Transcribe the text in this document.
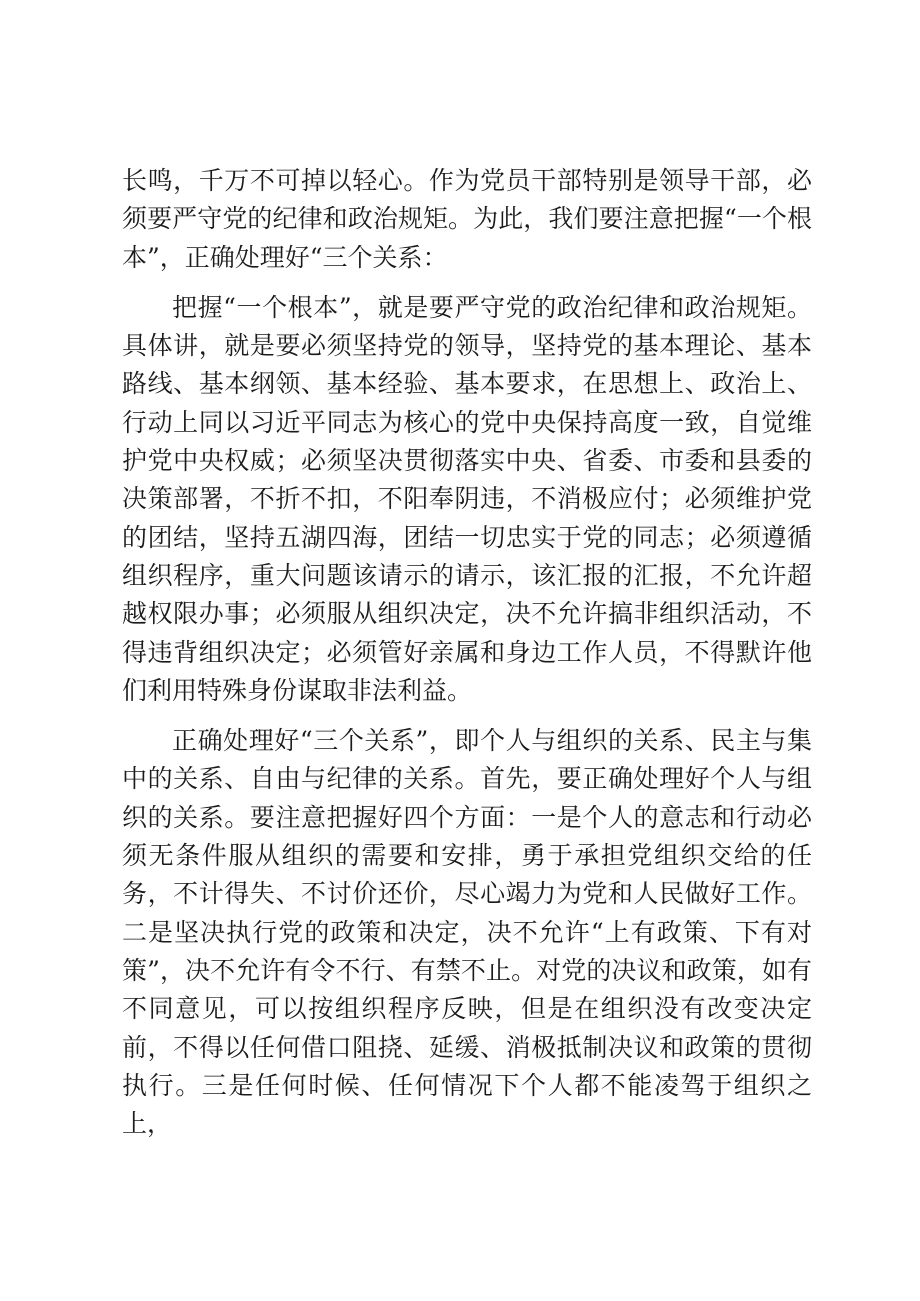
长鸣，千万不可掉以轻心。作为党员干部特别是领导干部，必须要严守党的纪律和政治规矩。为此，我们要注意把握“一个根本”，正确处理好“三个关系：

把握“一个根本”，就是要严守党的政治纪律和政治规矩。具体讲，就是要必须坚持党的领导，坚持党的基本理论、基本路线、基本纲领、基本经验、基本要求，在思想上、政治上、行动上同以习近平同志为核心的党中央保持高度一致，自觉维护党中央权威；必须坚决贯彻落实中央、省委、市委和县委的决策部署，不折不扣，不阳奉阴违，不消极应付；必须维护党的团结，坚持五湖四海，团结一切忠实于党的同志；必须遵循组织程序，重大问题该请示的请示，该汇报的汇报，不允许超越权限办事；必须服从组织决定，决不允许搞非组织活动，不得违背组织决定；必须管好亲属和身边工作人员，不得默许他们利用特殊身份谋取非法利益。

正确处理好“三个关系”，即个人与组织的关系、民主与集中的关系、自由与纪律的关系。首先，要正确处理好个人与组织的关系。要注意把握好四个方面：一是个人的意志和行动必须无条件服从组织的需要和安排，勇于承担党组织交给的任务，不计得失、不讨价还价，尽心竭力为党和人民做好工作。二是坚决执行党的政策和决定，决不允许“上有政策、下有对策”，决不允许有令不行、有禁不止。对党的决议和政策，如有不同意见，可以按组织程序反映，但是在组织没有改变决定前，不得以任何借口阻挠、延缓、消极抵制决议和政策的贯彻执行。三是任何时候、任何情况下个人都不能凌驾于组织之上，
